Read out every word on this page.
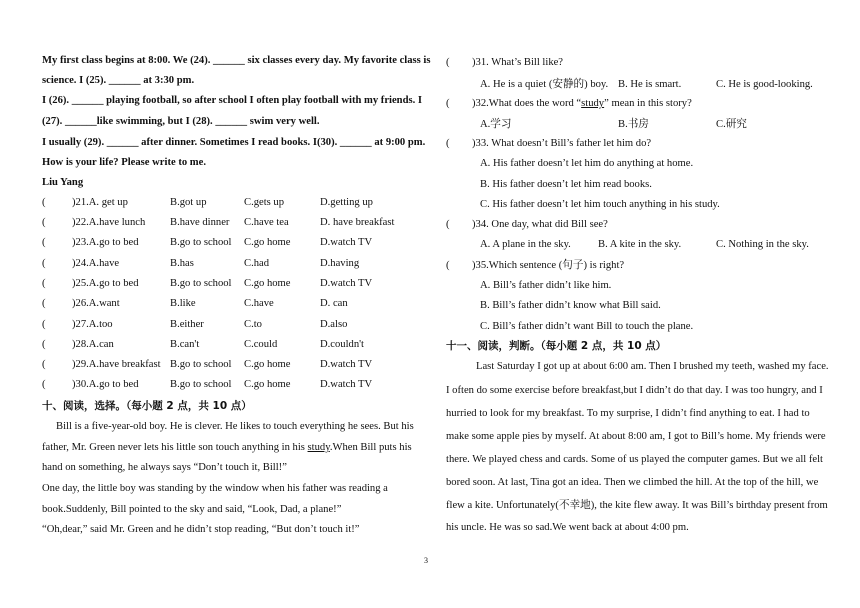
My first class begins at 8:00. We (24). ______ six classes every day. My favorite class is
science. I (25). ______ at 3:30 pm.
I (26). ______ playing football, so after school I often play football with my friends. I
(27). ______like swimming, but I (28). ______ swim very well.
I usually (29). ______ after dinner. Sometimes I read books. I(30). ______ at 9:00 pm.
How is your life? Please write to me.
Liu Yang
( )21.A. get up	B.got up	C.gets up	D.getting up
( )22.A.have lunch B.have dinner C.have tea	D. have breakfast
( )23.A.go to bed	B.go to school C.go home	D.watch TV
( )24.A.have	B.has	C.had	D.having
( )25.A.go to bed	B.go to school C.go home	D.watch TV
( )26.A.want	B.like	C.have	D. can
( )27.A.too	B.either	C.to	D.also
( )28.A.can	B.can't	C.could	D.couldn't
( )29.A.have breakfast B.go to school C.go home	D.watch TV
( )30.A.go to bed	B.go to school C.go home	D.watch TV
十、阅读，选择。（每小题 2 点，共 10 点）
Bill is a five-year-old boy. He is clever. He likes to touch everything he sees. But his
father, Mr. Green never lets his little son touch anything in his study.When Bill puts his
hand on something, he always says “Don’t touch it, Bill!”
One day, the little boy was standing by the window when his father was reading a
book.Suddenly, Bill pointed to the sky and said, “Look, Dad, a plane!”
“Oh,dear,” said Mr. Green and he didn’t stop reading, “But don’t touch it!”
( )31. What’s Bill like?
A. He is a quiet (安静的) boy. B. He is smart.	C. He is good-looking.
( )32.What does the word “study” mean in this story?
A.学习	B.书房	C.研究
( )33. What doesn’t Bill’s father let him do?
A. His father doesn’t let him do anything at home.
B. His father doesn’t let him read books.
C. His father doesn’t let him touch anything in his study.
( )34. One day, what did Bill see?
A. A plane in the sky.	B. A kite in the sky.	C. Nothing in the sky.
( )35.Which sentence (句子) is right?
A. Bill’s father didn’t like him.
B. Bill’s father didn’t know what Bill said.
C. Bill’s father didn’t want Bill to touch the plane.
十一、阅读，判断。（每小题 2 点，共 10 点）
Last Saturday I got up at about 6:00 am. Then I brushed my teeth, washed my face.
I often do some exercise before breakfast,but I didn’t do that day. I was too hungry, and I
hurried to look for my breakfast. To my surprise, I didn’t find anything to eat. I had to
make some apple pies by myself. At about 8:00 am, I got to Bill’s home. My friends were
there. We played chess and cards. Some of us played the computer games. But we all felt
bored soon. At last, Tina got an idea. Then we climbed the hill. At the top of the hill, we
flew a kite. Unfortunately(不幸地), the kite flew away. It was Bill’s birthday present from
his uncle. He was so sad.We went back at about 4:00 pm.
3
